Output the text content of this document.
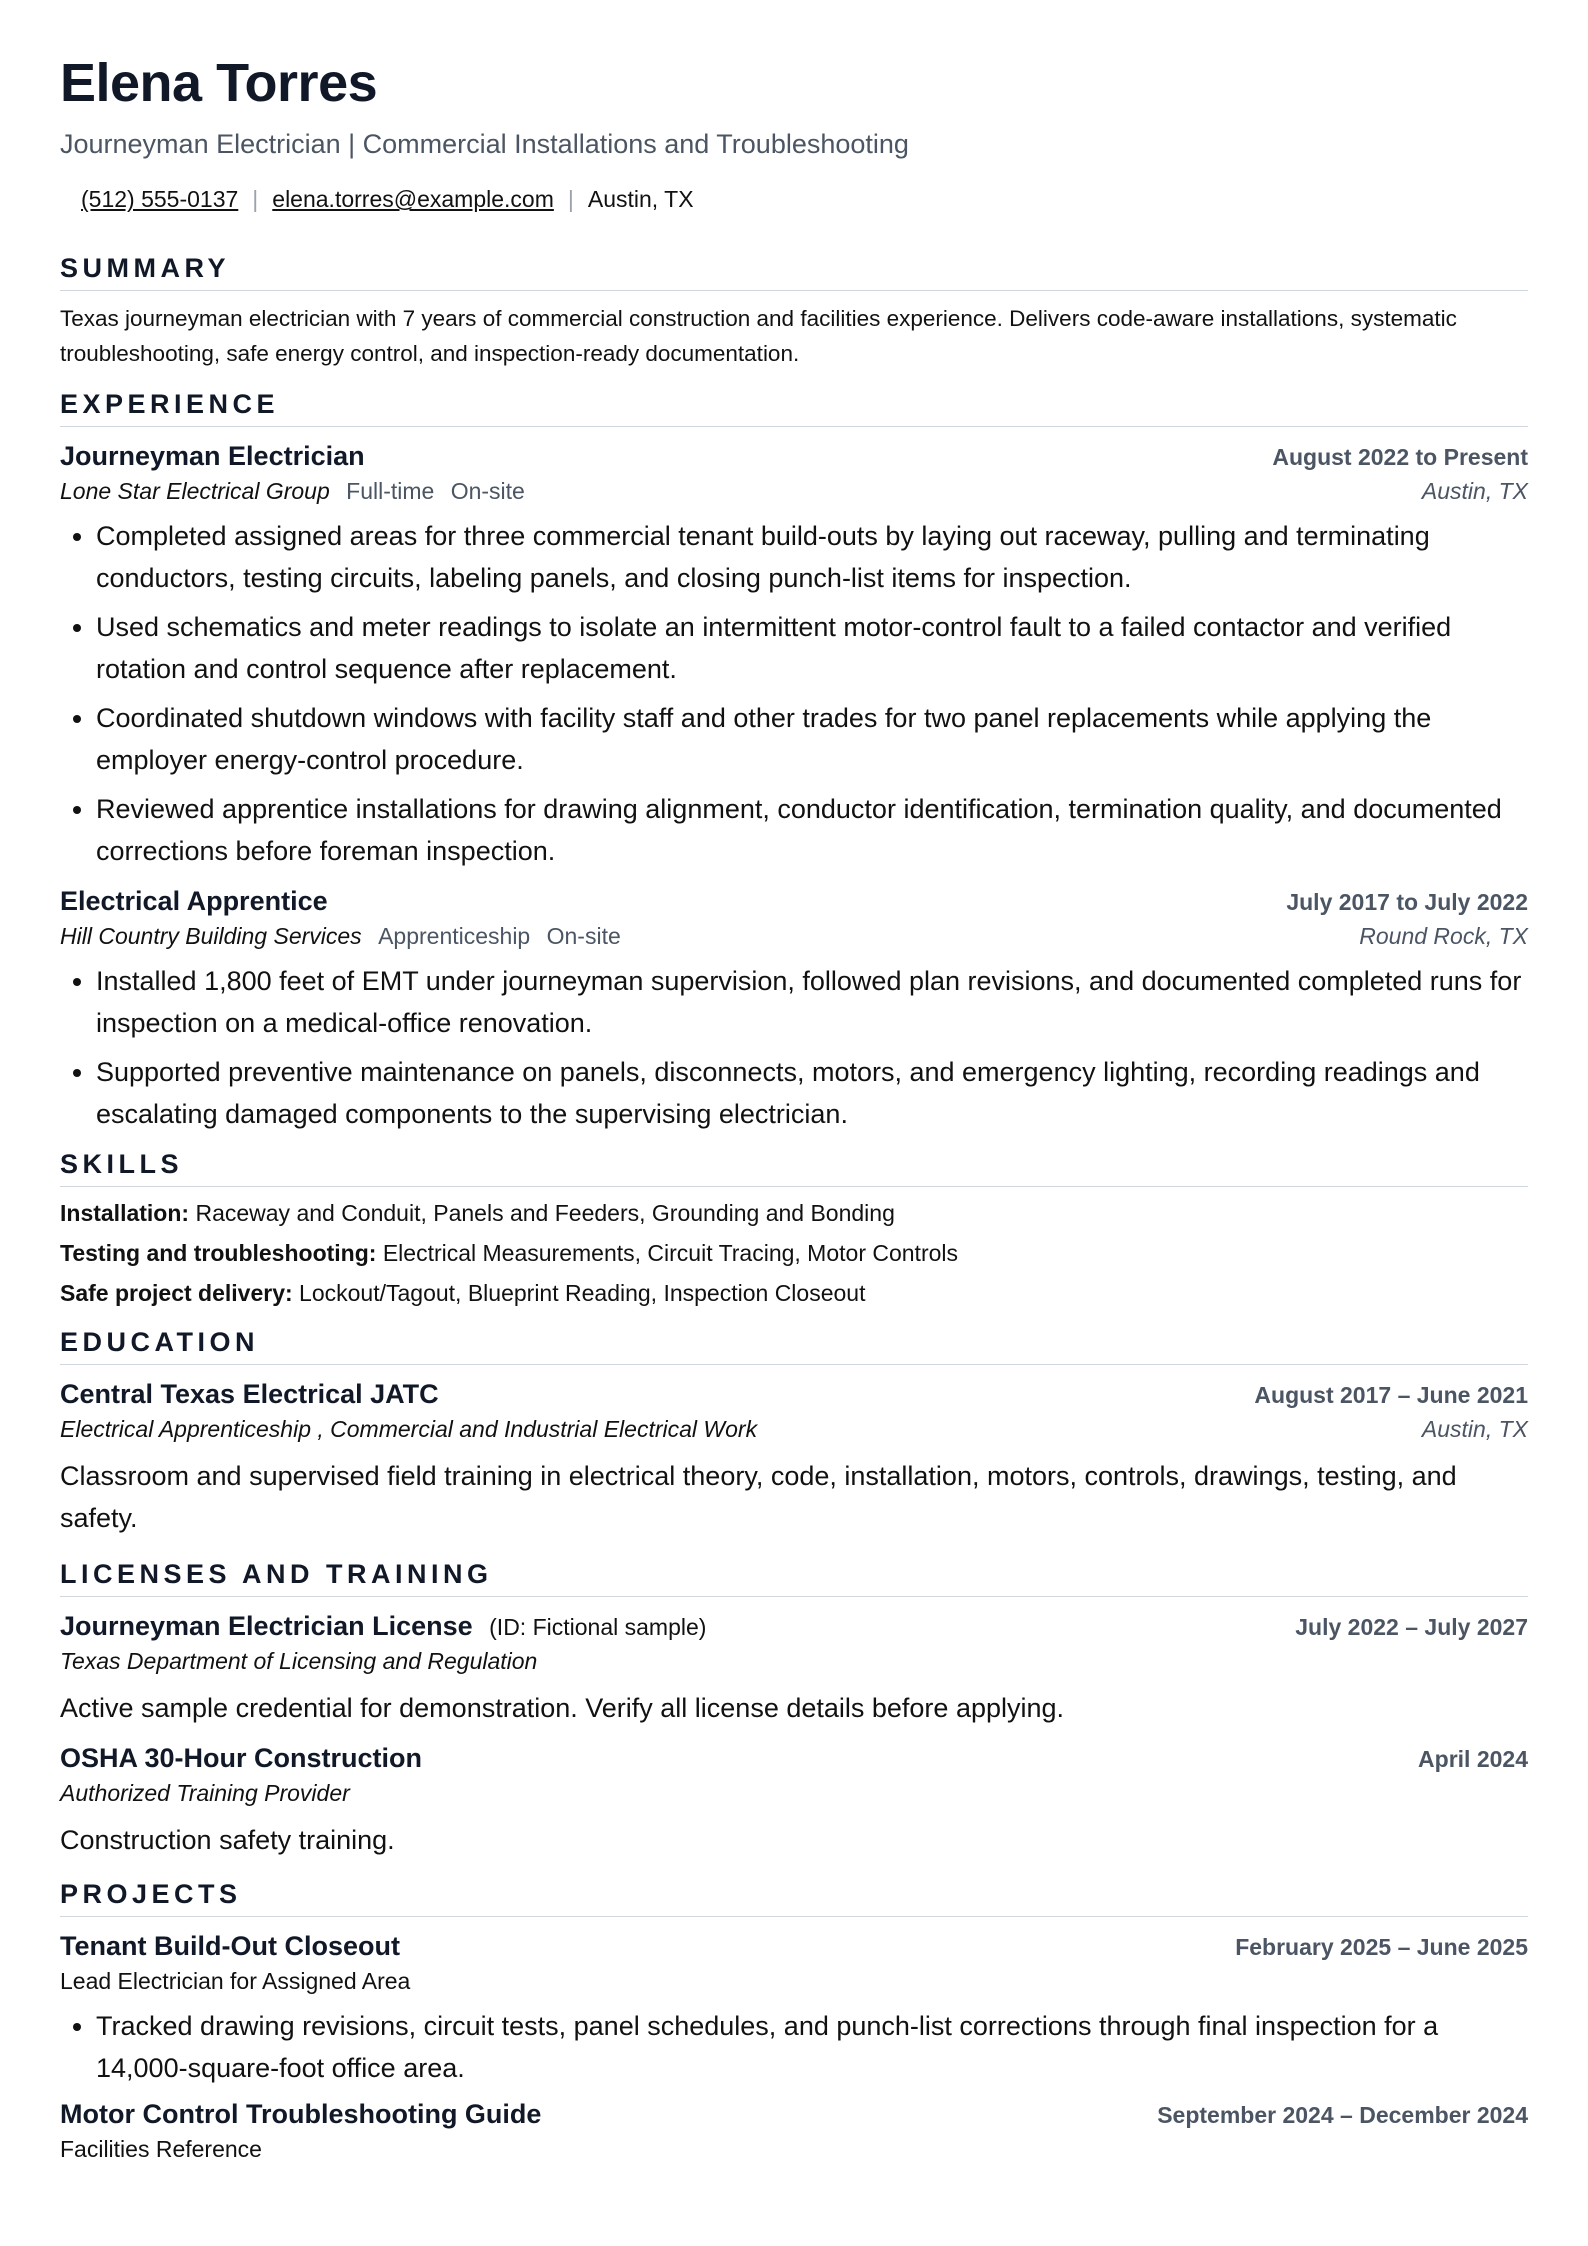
Elena Torres
Journeyman Electrician | Commercial Installations and Troubleshooting
(512) 555-0137 | elena.torres@example.com | Austin, TX
SUMMARY
Texas journeyman electrician with 7 years of commercial construction and facilities experience. Delivers code-aware installations, systematic troubleshooting, safe energy control, and inspection-ready documentation.
EXPERIENCE
Journeyman Electrician	August 2022 to Present
Lone Star Electrical Group Full-time On-site	Austin, TX
• Completed assigned areas for three commercial tenant build-outs by laying out raceway, pulling and terminating conductors, testing circuits, labeling panels, and closing punch-list items for inspection.
• Used schematics and meter readings to isolate an intermittent motor-control fault to a failed contactor and verified rotation and control sequence after replacement.
• Coordinated shutdown windows with facility staff and other trades for two panel replacements while applying the employer energy-control procedure.
• Reviewed apprentice installations for drawing alignment, conductor identification, termination quality, and documented corrections before foreman inspection.
Electrical Apprentice	July 2017 to July 2022
Hill Country Building Services Apprenticeship On-site	Round Rock, TX
• Installed 1,800 feet of EMT under journeyman supervision, followed plan revisions, and documented completed runs for inspection on a medical-office renovation.
• Supported preventive maintenance on panels, disconnects, motors, and emergency lighting, recording readings and escalating damaged components to the supervising electrician.
SKILLS
Installation: Raceway and Conduit, Panels and Feeders, Grounding and Bonding
Testing and troubleshooting: Electrical Measurements, Circuit Tracing, Motor Controls
Safe project delivery: Lockout/Tagout, Blueprint Reading, Inspection Closeout
EDUCATION
Central Texas Electrical JATC	August 2017 – June 2021
Electrical Apprenticeship , Commercial and Industrial Electrical Work	Austin, TX
Classroom and supervised field training in electrical theory, code, installation, motors, controls, drawings, testing, and safety.
LICENSES AND TRAINING
Journeyman Electrician License (ID: Fictional sample)	July 2022 – July 2027
Texas Department of Licensing and Regulation
Active sample credential for demonstration. Verify all license details before applying.
OSHA 30-Hour Construction	April 2024
Authorized Training Provider
Construction safety training.
PROJECTS
Tenant Build-Out Closeout	February 2025 – June 2025
Lead Electrician for Assigned Area
• Tracked drawing revisions, circuit tests, panel schedules, and punch-list corrections through final inspection for a 14,000-square-foot office area.
Motor Control Troubleshooting Guide	September 2024 – December 2024
Facilities Reference
